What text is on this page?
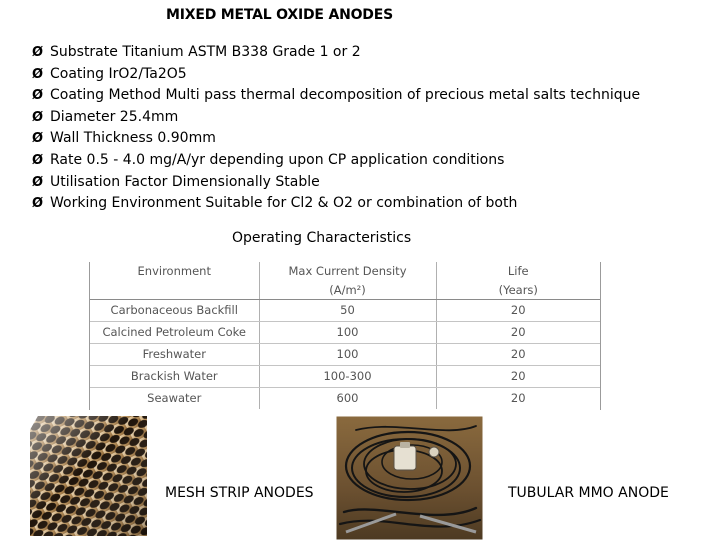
MIXED METAL OXIDE ANODES
Ø Substrate Titanium ASTM B338 Grade 1 or 2
Ø Coating IrO2/Ta2O5
Ø Coating Method Multi pass thermal decomposition of precious metal salts technique
Ø Diameter 25.4mm
Ø Wall Thickness 0.90mm
Ø Rate 0.5 - 4.0 mg/A/yr depending upon CP application conditions
Ø Utilisation Factor Dimensionally Stable
Ø Working Environment Suitable for Cl2 & O2 or combination of both
Operating Characteristics
Environment	Max Current Density	Life
	(A/m²)	(Years)
Carbonaceous Backfill	50	20
Calcined Petroleum Coke	100	20
Freshwater	100	20
Brackish Water	100-300	20
Seawater	600	20
MESH STRIP ANODES	TUBULAR MMO ANODE
